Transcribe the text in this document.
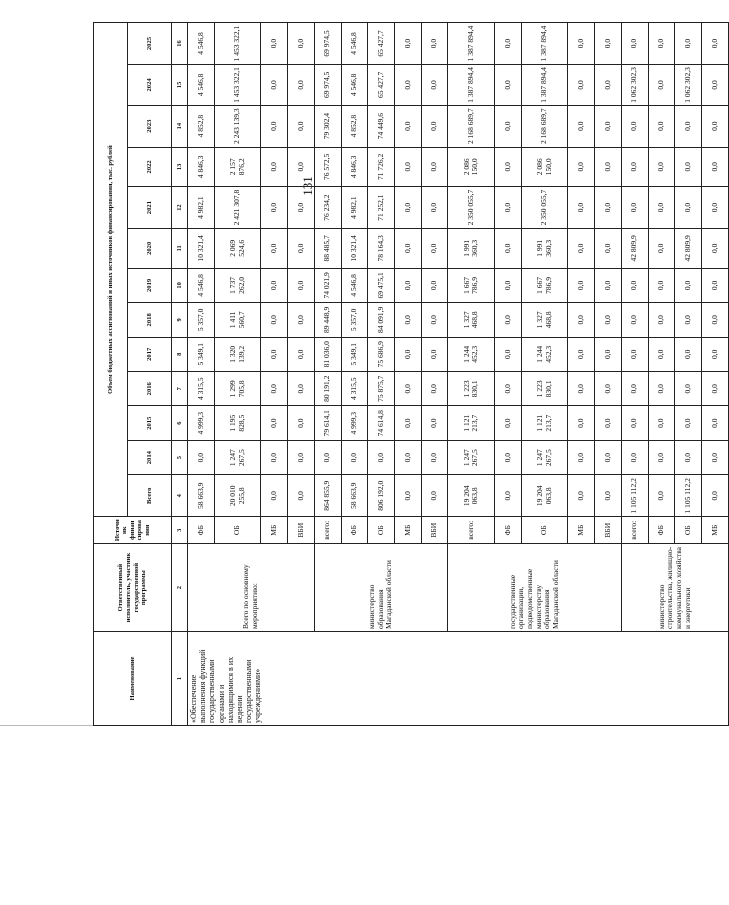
131
Наименование	Ответственный исполнитель, участник государственной программы	Источник финансирования	Объем бюджетных ассигнований и иных источников финансирования, тыс. рублей												
			Всего	2014	2015	2016	2017	2018	2019	2020	2021	2022	2023	2024	2025
1	2	3	4	5	6	7	8	9	10	11	12	13	14	15	16
«Обеспечение выполнения функций государственными органами и находящимися в их ведении государственными учреждениями»	Всего по основному мероприятию:	ФБ	58 663,9	0,0	4 999,3	4 315,5	5 349,1	5 357,0	4 546,8	10 321,4	4 982,1	4 846,3	4 852,8	4 546,8	4 546,8
		ОБ	20 010 255,8	1 247 267,5	1 195 828,5	1 299 705,8	1 320 139,2	1 411 560,7	1 737 262,0	2 069 524,6	2 421 307,8	2 157 876,2	2 243 139,3	1 453 322,1	1 453 322,1
		МБ	0,0	0,0	0,0	0,0	0,0	0,0	0,0	0,0	0,0	0,0	0,0	0,0	0,0
		ВБИ	0,0	0,0	0,0	0,0	0,0	0,0	0,0	0,0	0,0	0,0	0,0	0,0	0,0
	министерство образования Магаданской области	всего:	864 855,9	0,0	79 614,1	80 191,2	81 036,0	89 448,9	74 021,9	88 485,7	76 234,2	76 572,5	79 302,4	69 974,5	69 974,5
		ФБ	58 663,9	0,0	4 999,3	4 315,5	5 349,1	5 357,0	4 546,8	10 321,4	4 982,1	4 846,3	4 852,8	4 546,8	4 546,8
		ОБ	806 192,0	0,0	74 614,8	75 875,7	75 686,9	84 091,9	69 475,1	78 164,3	71 252,1	71 726,2	74 449,6	65 427,7	65 427,7
		МБ	0,0	0,0	0,0	0,0	0,0	0,0	0,0	0,0	0,0	0,0	0,0	0,0	0,0
		ВБИ	0,0	0,0	0,0	0,0	0,0	0,0	0,0	0,0	0,0	0,0	0,0	0,0	0,0
	государственные организации, подведомственные министерству образования Магаданской области	всего:	19 204 063,8	1 247 267,5	1 121 213,7	1 223 830,1	1 244 452,3	1 327 468,8	1 667 786,9	1 991 360,3	2 350 055,7	2 086 150,0	2 168 689,7	1 387 894,4	1 387 894,4
		ФБ	0,0	0,0	0,0	0,0	0,0	0,0	0,0	0,0	0,0	0,0	0,0	0,0	0,0
		ОБ	19 204 063,8	1 247 267,5	1 121 213,7	1 223 830,1	1 244 452,3	1 327 468,8	1 667 786,9	1 991 360,3	2 350 055,7	2 086 150,0	2 168 689,7	1 387 894,4	1 387 894,4
		МБ	0,0	0,0	0,0	0,0	0,0	0,0	0,0	0,0	0,0	0,0	0,0	0,0	0,0
		ВБИ	0,0	0,0	0,0	0,0	0,0	0,0	0,0	0,0	0,0	0,0	0,0	0,0	0,0
	министерство строительства, жилищно-коммунального хозяйства и энергетики	всего:	1 105 112,2	0,0	0,0	0,0	0,0	0,0	0,0	42 809,9	0,0	0,0	0,0	1 062 302,3	0,0
		ФБ	0,0	0,0	0,0	0,0	0,0	0,0	0,0	0,0	0,0	0,0	0,0	0,0	0,0
		ОБ	1 105 112,2	0,0	0,0	0,0	0,0	0,0	0,0	42 809,9	0,0	0,0	0,0	1 062 302,3	0,0
		МБ	0,0	0,0	0,0	0,0	0,0	0,0	0,0	0,0	0,0	0,0	0,0	0,0	0,0
